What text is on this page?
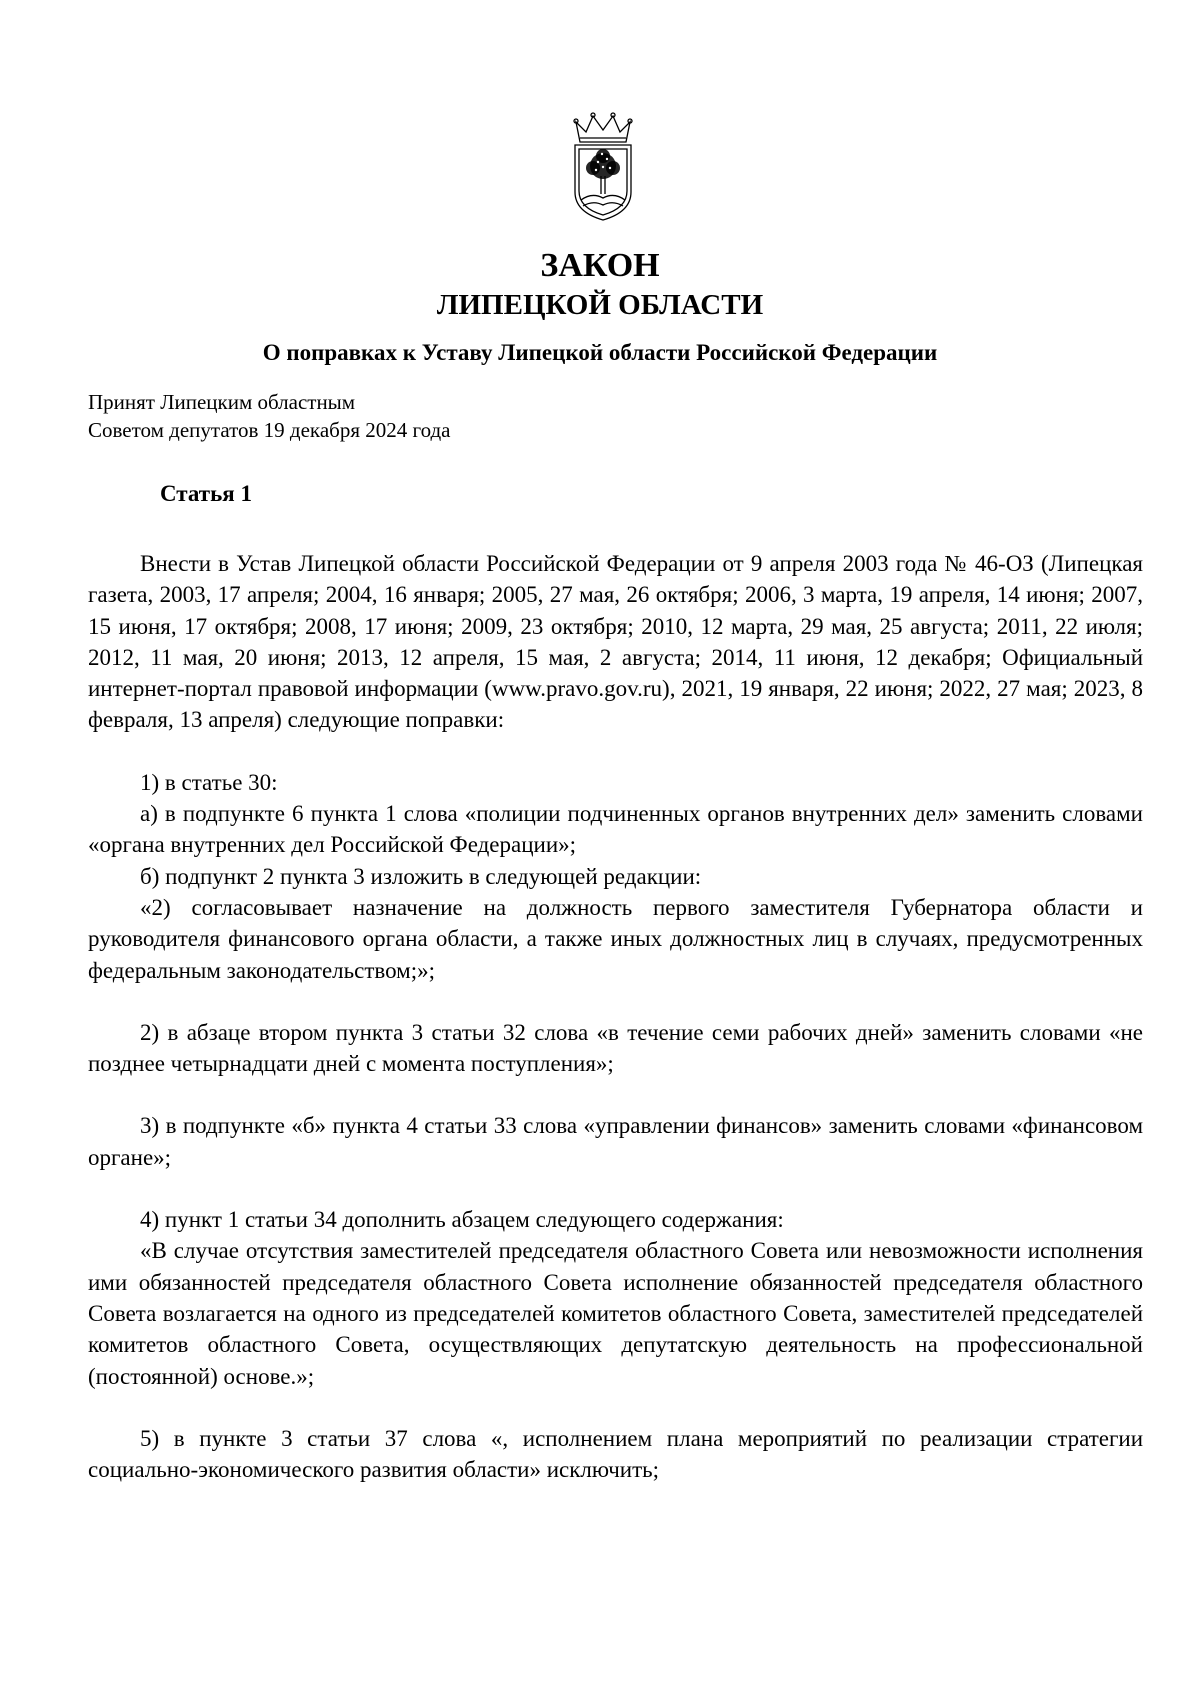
ЗАКОН
ЛИПЕЦКОЙ ОБЛАСТИ
О поправках к Уставу Липецкой области Российской Федерации
Принят Липецким областным
Советом депутатов 19 декабря 2024 года
Статья 1

Внести в Устав Липецкой области Российской Федерации от 9 апреля 2003 года № 46-ОЗ (Липецкая газета, 2003, 17 апреля; 2004, 16 января; 2005, 27 мая, 26 октября; 2006, 3 марта, 19 апреля, 14 июня; 2007, 15 июня, 17 октября; 2008, 17 июня; 2009, 23 октября; 2010, 12 марта, 29 мая, 25 августа; 2011, 22 июля; 2012, 11 мая, 20 июня; 2013, 12 апреля, 15 мая, 2 августа; 2014, 11 июня, 12 декабря; Официальный интернет-портал правовой информации (www.pravo.gov.ru), 2021, 19 января, 22 июня; 2022, 27 мая; 2023, 8 февраля, 13 апреля) следующие поправки:

1) в статье 30:

а) в подпункте 6 пункта 1 слова «полиции подчиненных органов внутренних дел» заменить словами «органа внутренних дел Российской Федерации»;

б) подпункт 2 пункта 3 изложить в следующей редакции:

«2) согласовывает назначение на должность первого заместителя Губернатора области и руководителя финансового органа области, а также иных должностных лиц в случаях, предусмотренных федеральным законодательством;»;

2) в абзаце втором пункта 3 статьи 32 слова «в течение семи рабочих дней» заменить словами «не позднее четырнадцати дней с момента поступления»;

3) в подпункте «б» пункта 4 статьи 33 слова «управлении финансов» заменить словами «финансовом органе»;

4) пункт 1 статьи 34 дополнить абзацем следующего содержания:

«В случае отсутствия заместителей председателя областного Совета или невозможности исполнения ими обязанностей председателя областного Совета исполнение обязанностей председателя областного Совета возлагается на одного из председателей комитетов областного Совета, заместителей председателей комитетов областного Совета, осуществляющих депутатскую деятельность на профессиональной (постоянной) основе.»;

5) в пункте 3 статьи 37 слова «, исполнением плана мероприятий по реализации стратегии социально-экономического развития области» исключить;
